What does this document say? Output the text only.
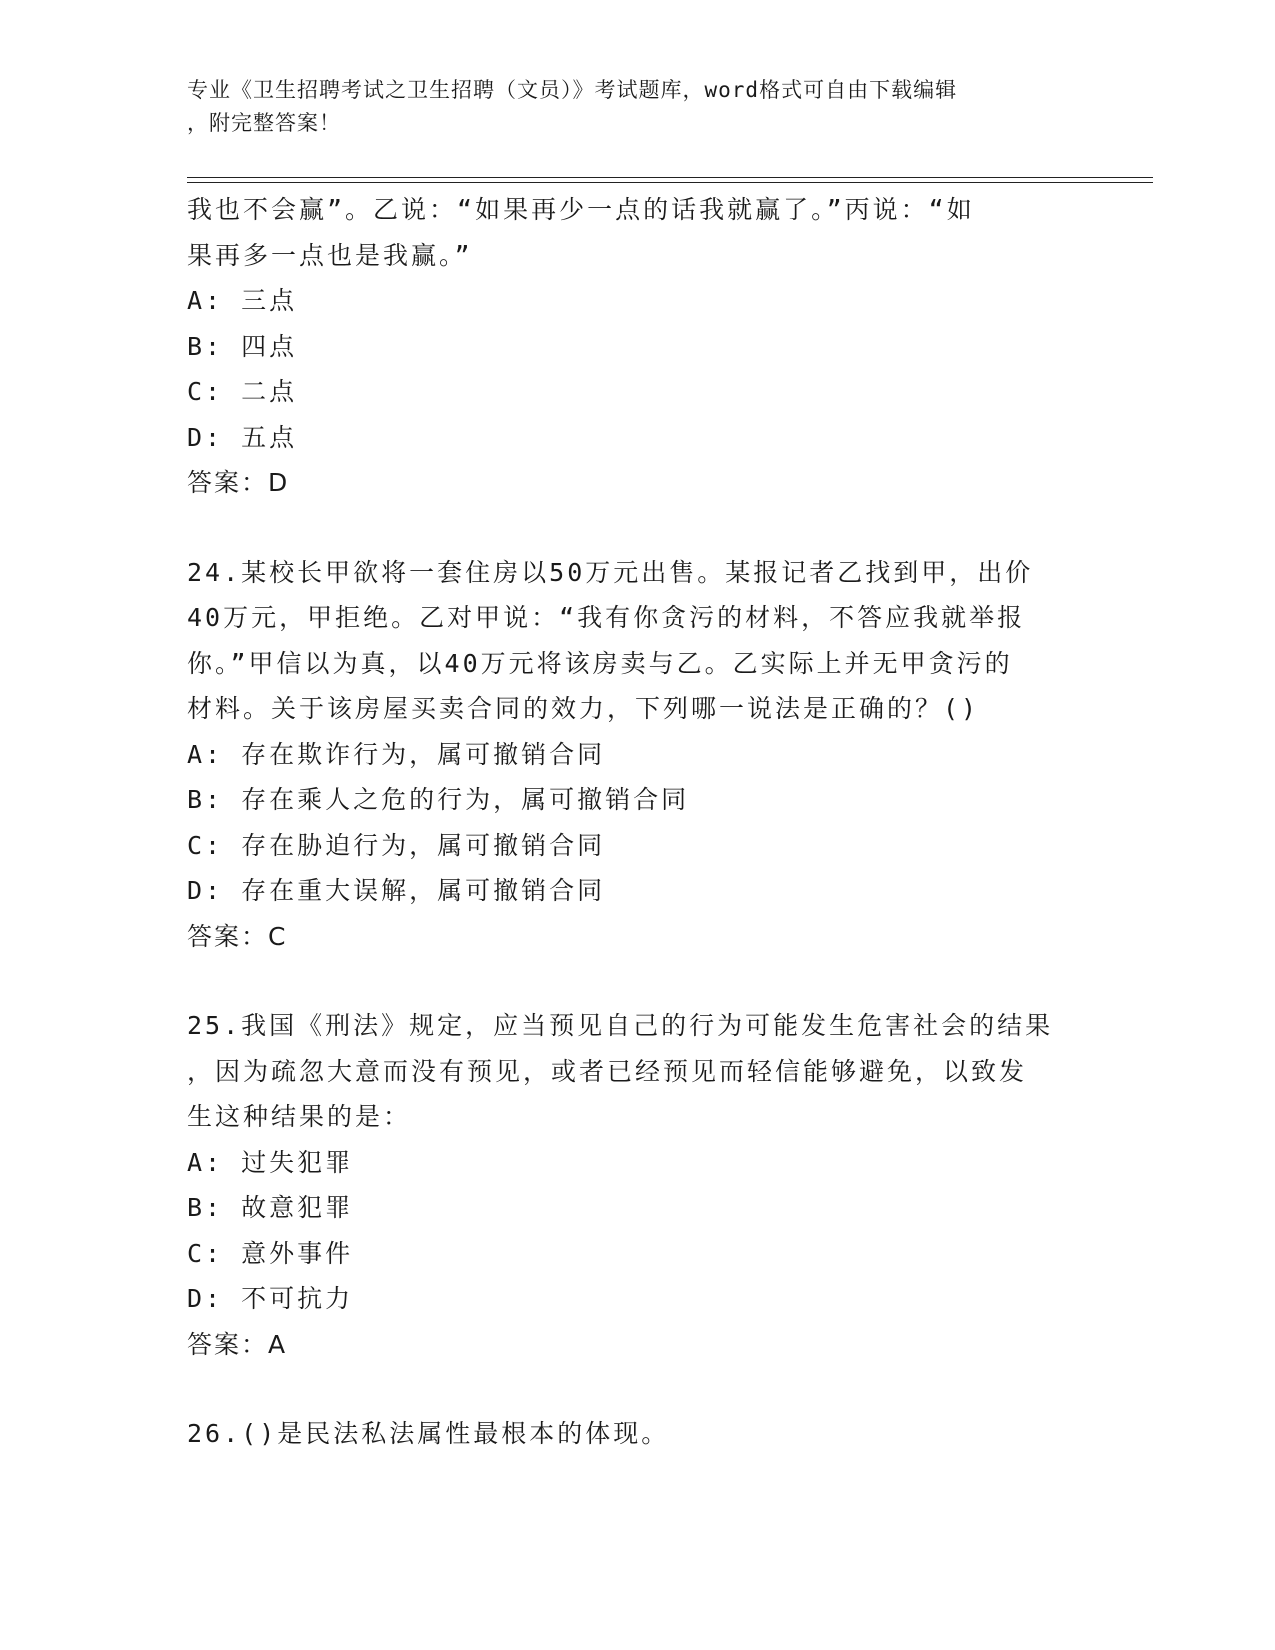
专业《卫生招聘考试之卫生招聘（文员）》考试题库，word格式可自由下载编辑
，附完整答案！
我也不会赢”。乙说：“如果再少一点的话我就赢了。”丙说：“如
果再多一点也是我赢。”
A: 三点
B: 四点
C: 二点
D: 五点
答案：D
24.某校长甲欲将一套住房以50万元出售。某报记者乙找到甲，出价
40万元，甲拒绝。乙对甲说：“我有你贪污的材料，不答应我就举报
你。”甲信以为真，以40万元将该房卖与乙。乙实际上并无甲贪污的
材料。关于该房屋买卖合同的效力，下列哪一说法是正确的？()
A: 存在欺诈行为，属可撤销合同
B: 存在乘人之危的行为，属可撤销合同
C: 存在胁迫行为，属可撤销合同
D: 存在重大误解，属可撤销合同
答案：C
25.我国《刑法》规定，应当预见自己的行为可能发生危害社会的结果
，因为疏忽大意而没有预见，或者已经预见而轻信能够避免，以致发
生这种结果的是：
A: 过失犯罪
B: 故意犯罪
C: 意外事件
D: 不可抗力
答案：A
26.()是民法私法属性最根本的体现。
